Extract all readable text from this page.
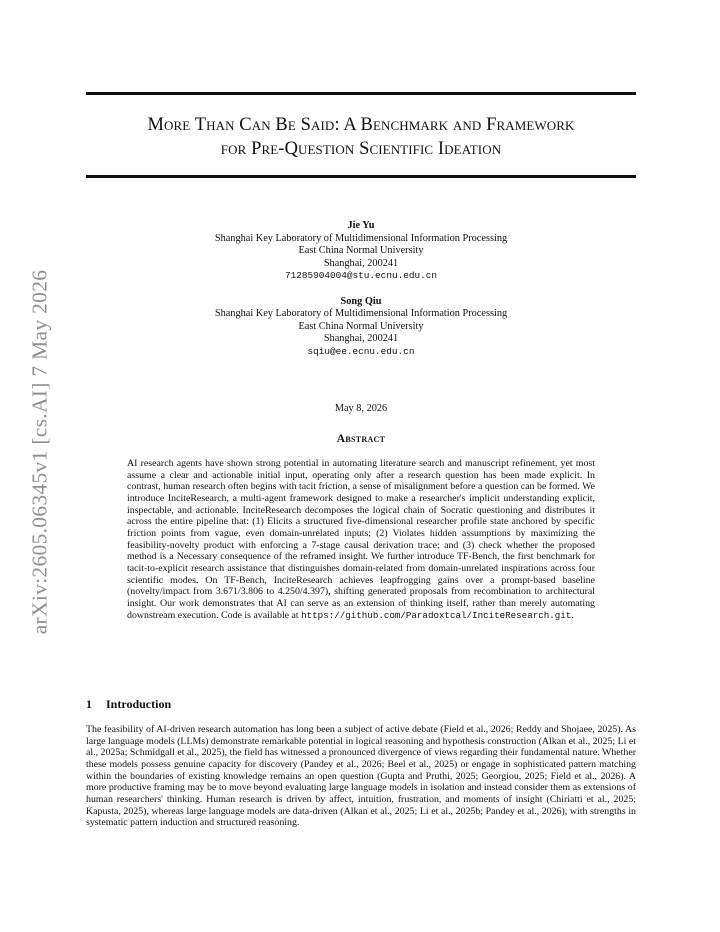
arXiv:2605.06345v1 [cs.AI] 7 May 2026
More Than Can Be Said: A Benchmark and Framework
for Pre-Question Scientific Ideation
Jie Yu
Shanghai Key Laboratory of Multidimensional Information Processing
East China Normal University
Shanghai, 200241
71285904004@stu.ecnu.edu.cn
Song Qiu
Shanghai Key Laboratory of Multidimensional Information Processing
East China Normal University
Shanghai, 200241
sqiu@ee.ecnu.edu.cn
May 8, 2026
Abstract
AI research agents have shown strong potential in automating literature search and manuscript refinement, yet most assume a clear and actionable initial input, operating only after a research question has been made explicit. In contrast, human research often begins with tacit friction, a sense of misalignment before a question can be formed. We introduce InciteResearch, a multi-agent framework designed to make a researcher's implicit understanding explicit, inspectable, and actionable. InciteResearch decomposes the logical chain of Socratic questioning and distributes it across the entire pipeline that: (1) Elicits a structured five-dimensional researcher profile state anchored by specific friction points from vague, even domain-unrelated inputs; (2) Violates hidden assumptions by maximizing the feasibility-novelty product with enforcing a 7-stage causal derivation trace; and (3) check whether the proposed method is a Necessary consequence of the reframed insight. We further introduce TF-Bench, the first benchmark for tacit-to-explicit research assistance that distinguishes domain-related from domain-unrelated inspirations across four scientific modes. On TF-Bench, InciteResearch achieves leapfrogging gains over a prompt-based baseline (novelty/impact from 3.671/3.806 to 4.250/4.397), shifting generated proposals from recombination to architectural insight. Our work demonstrates that AI can serve as an extension of thinking itself, rather than merely automating downstream execution. Code is available at https://github.com/Paradoxtcal/InciteResearch.git.
1 Introduction
The feasibility of AI-driven research automation has long been a subject of active debate (Field et al., 2026; Reddy and Shojaee, 2025). As large language models (LLMs) demonstrate remarkable potential in logical reasoning and hypothesis construction (Alkan et al., 2025; Li et al., 2025a; Schmidgall et al., 2025), the field has witnessed a pronounced divergence of views regarding their fundamental nature. Whether these models possess genuine capacity for discovery (Pandey et al., 2026; Beel et al., 2025) or engage in sophisticated pattern matching within the boundaries of existing knowledge remains an open question (Gupta and Pruthi, 2025; Georgiou, 2025; Field et al., 2026). A more productive framing may be to move beyond evaluating large language models in isolation and instead consider them as extensions of human researchers' thinking. Human research is driven by affect, intuition, frustration, and moments of insight (Chiriatti et al., 2025; Kapusta, 2025), whereas large language models are data-driven (Alkan et al., 2025; Li et al., 2025b; Pandey et al., 2026), with strengths in systematic pattern induction and structured reasoning.
